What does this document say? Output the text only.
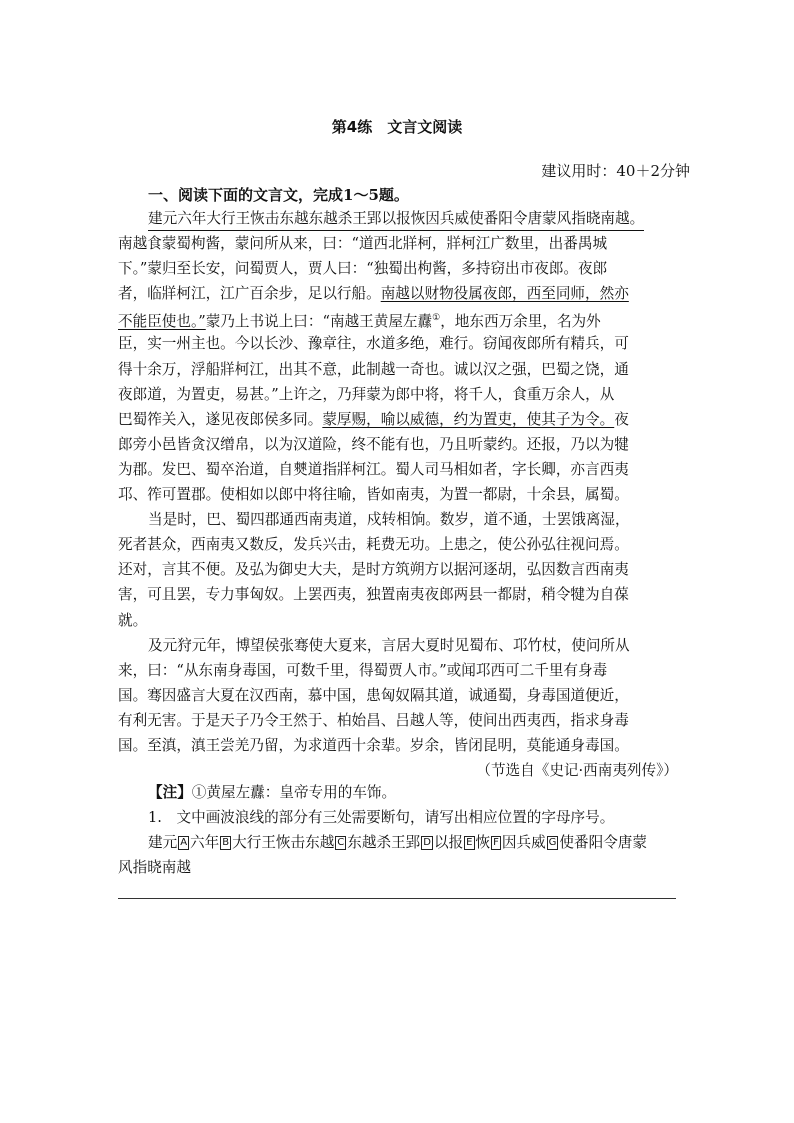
第4练　文言文阅读
建议用时：40＋2分钟
一、阅读下面的文言文，完成1～5题。
建元六年大行王恢击东越东越杀王郢以报恢因兵威使番阳令唐蒙风指晓南越。
南越食蒙蜀枸酱，蒙问所从来，曰：“道西北牂柯，牂柯江广数里，出番禺城
下。”蒙归至长安，问蜀贾人，贾人曰：“独蜀出枸酱，多持窃出市夜郎。夜郎
者，临牂柯江，江广百余步，足以行船。南越以财物役属夜郎，西至同师，然亦
不能臣使也。”蒙乃上书说上曰：“南越王黄屋左纛①，地东西万余里，名为外
臣，实一州主也。今以长沙、豫章往，水道多绝，难行。窃闻夜郎所有精兵，可
得十余万，浮船牂柯江，出其不意，此制越一奇也。诚以汉之强，巴蜀之饶，通
夜郎道，为置吏，易甚。”上许之，乃拜蒙为郎中将，将千人，食重万余人，从
巴蜀筰关入，遂见夜郎侯多同。蒙厚赐，喻以威德，约为置吏，使其子为令。夜
郎旁小邑皆贪汉缯帛，以为汉道险，终不能有也，乃且听蒙约。还报，乃以为犍
为郡。发巴、蜀卒治道，自僰道指牂柯江。蜀人司马相如者，字长卿，亦言西夷
邛、筰可置郡。使相如以郎中将往喻，皆如南夷，为置一都尉，十余县，属蜀。
当是时，巴、蜀四郡通西南夷道，戍转相饷。数岁，道不通，士罢饿离湿，
死者甚众，西南夷又数反，发兵兴击，耗费无功。上患之，使公孙弘往视问焉。
还对，言其不便。及弘为御史大夫，是时方筑朔方以据河逐胡，弘因数言西南夷
害，可且罢，专力事匈奴。上罢西夷，独置南夷夜郎两县一都尉，稍令犍为自葆
就。
及元狩元年，博望侯张骞使大夏来，言居大夏时见蜀布、邛竹杖，使问所从
来，曰：“从东南身毒国，可数千里，得蜀贾人市。”或闻邛西可二千里有身毒
国。骞因盛言大夏在汉西南，慕中国，患匈奴隔其道，诚通蜀，身毒国道便近，
有利无害。于是天子乃令王然于、柏始昌、吕越人等，使间出西夷西，指求身毒
国。至滇，滇王尝羌乃留，为求道西十余辈。岁余，皆闭昆明，莫能通身毒国。
（节选自《史记·西南夷列传》）
【注】①黄屋左纛：皇帝专用的车饰。
1.　文中画波浪线的部分有三处需要断句，请写出相应位置的字母序号。
建元 A 六年 B 大行王恢击东越 C 东越杀王郢 D 以报 E 恢 F 因兵威 G 使番阳令唐蒙
风指晓南越
